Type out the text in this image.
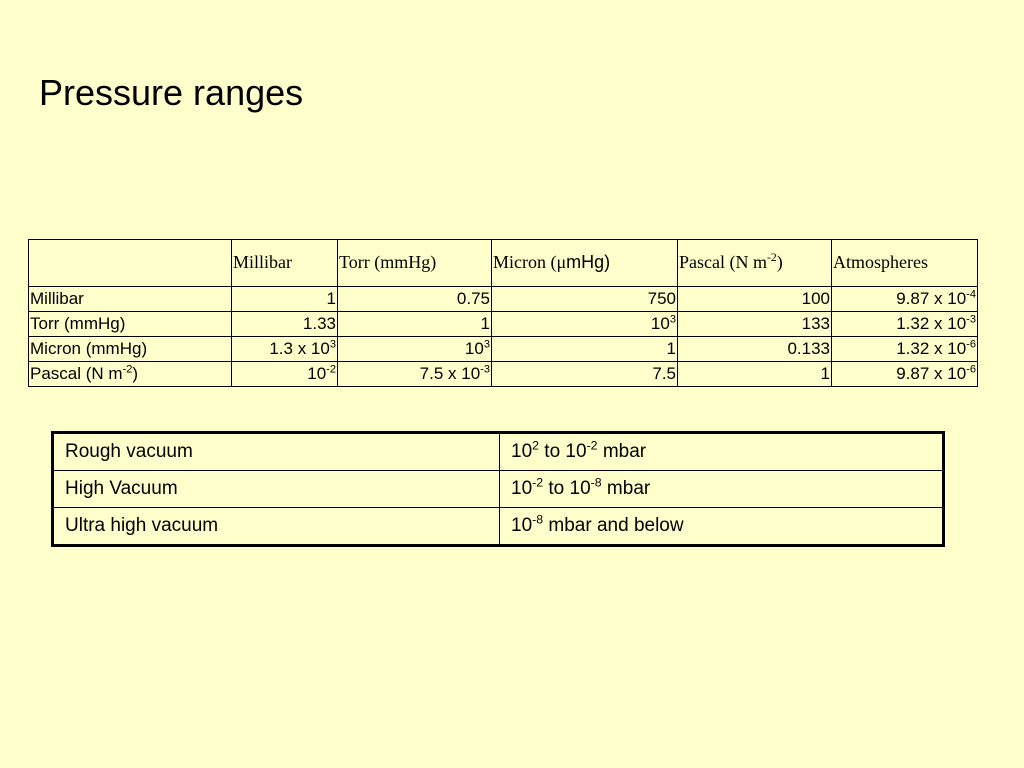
Pressure ranges
	Millibar	Torr (mmHg)	Micron (μmHg)	Pascal (N $m^{-2}$)	Atmospheres
Millibar	1	0.75	750	100	9.87 x $10^{-4}$
Torr (mmHg)	1.33	1	$10^3$	133	1.32 x $10^{-3}$
Micron (mmHg)	1.3 x $10^3$	$10^3$	1	0.133	1.32 x $10^{-6}$
Pascal (N $m^{-2}$)	$10^{-2}$	7.5 x $10^{-3}$	7.5	1	9.87 x $10^{-6}$
Rough vacuum	$10^2$ to $10^{-2}$ mbar
High Vacuum	$10^{-2}$ to $10^{-8}$ mbar
Ultra high vacuum	$10^{-8}$ mbar and below
